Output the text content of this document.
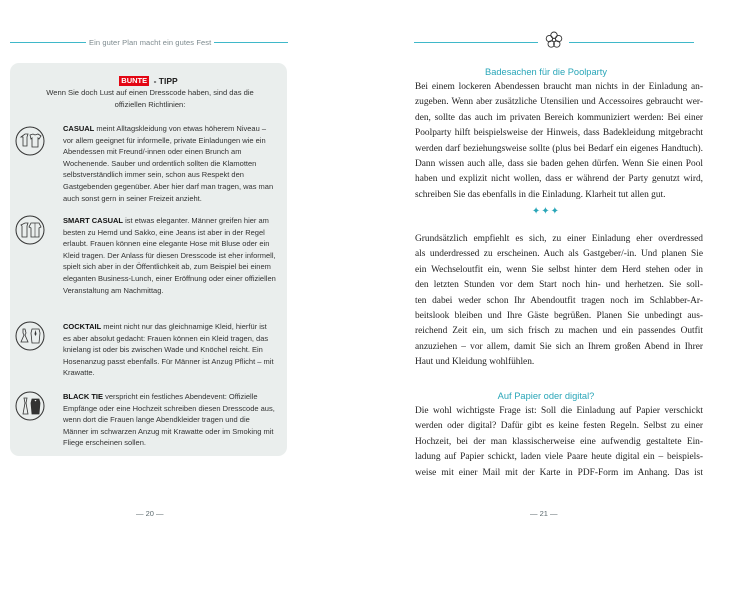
Ein guter Plan macht ein gutes Fest
BUNTE - TIPP
Wenn Sie doch Lust auf einen Dresscode haben, sind das die offiziellen Richtlinien:
CASUAL meint Alltagskleidung von etwas höherem Niveau – vor allem geeignet für informelle, private Einladungen wie ein Abendessen mit Freund/-innen oder einen Brunch am Wochenende. Sauber und ordentlich sollten die Klamotten selbstverständlich immer sein, schon aus Respekt den Gastgebenden gegenüber. Aber hier darf man tragen, was man auch sonst gern in seiner Freizeit anzieht.
SMART CASUAL ist etwas eleganter. Männer greifen hier am besten zu Hemd und Sakko, eine Jeans ist aber in der Regel erlaubt. Frauen können eine elegante Hose mit Bluse oder ein Kleid tragen. Der Anlass für diesen Dresscode ist eher informell, spielt sich aber in der Öffentlichkeit ab, zum Beispiel bei einem eleganten Business-Lunch, einer Eröffnung oder einer offiziellen Veranstaltung am Nachmittag.
COCKTAIL meint nicht nur das gleichnamige Kleid, hierfür ist es aber absolut gedacht: Frauen können ein Kleid tragen, das knielang ist oder bis zwischen Wade und Knöchel reicht. Ein Hosenanzug passt ebenfalls. Für Männer ist Anzug Pflicht – mit Krawatte.
BLACK TIE verspricht ein festliches Abendevent: Offizielle Empfänge oder eine Hochzeit schreiben diesen Dresscode aus, wenn dort die Frauen lange Abendkleider tragen und die Männer im schwarzen Anzug mit Krawatte oder im Smoking mit Fliege erscheinen sollen.
— 20 —
Badesachen für die Poolparty
Bei einem lockeren Abendessen braucht man nichts in der Einladung an-
zugeben. Wenn aber zusätzliche Utensilien und Accessoires gebraucht wer-
den, sollte das auch im privaten Bereich kommuniziert werden: Bei einer
Poolparty hilft beispielsweise der Hinweis, dass Badekleidung mitgebracht
werden darf beziehungsweise sollte (plus bei Bedarf ein eigenes Handtuch).
Dann wissen auch alle, dass sie baden gehen dürfen. Wenn Sie einen Pool
haben und explizit nicht wollen, dass er während der Party genutzt wird,
schreiben Sie das ebenfalls in die Einladung. Klarheit tut allen gut.
✦✦✦
Grundsätzlich empfiehlt es sich, zu einer Einladung eher overdressed
als underdressed zu erscheinen. Auch als Gastgeber/-in. Und planen Sie
ein Wechseloutfit ein, wenn Sie selbst hinter dem Herd stehen oder in
den letzten Stunden vor dem Start noch hin- und herhetzen. Sie soll-
ten dabei weder schon Ihr Abendoutfit tragen noch im Schlabber-Ar-
beitslook bleiben und Ihre Gäste begrüßen. Planen Sie unbedingt aus-
reichend Zeit ein, um sich frisch zu machen und ein passendes Outfit
anzuziehen – vor allem, damit Sie sich an Ihrem großen Abend in Ihrer
Haut und Kleidung wohlfühlen.
Auf Papier oder digital?
Die wohl wichtigste Frage ist: Soll die Einladung auf Papier verschickt
werden oder digital? Dafür gibt es keine festen Regeln. Selbst zu einer
Hochzeit, bei der man klassischerweise eine aufwendig gestaltete Ein-
ladung auf Papier schickt, laden viele Paare heute digital ein – beispiels-
weise mit einer Mail mit der Karte in PDF-Form im Anhang. Das ist
— 21 —
